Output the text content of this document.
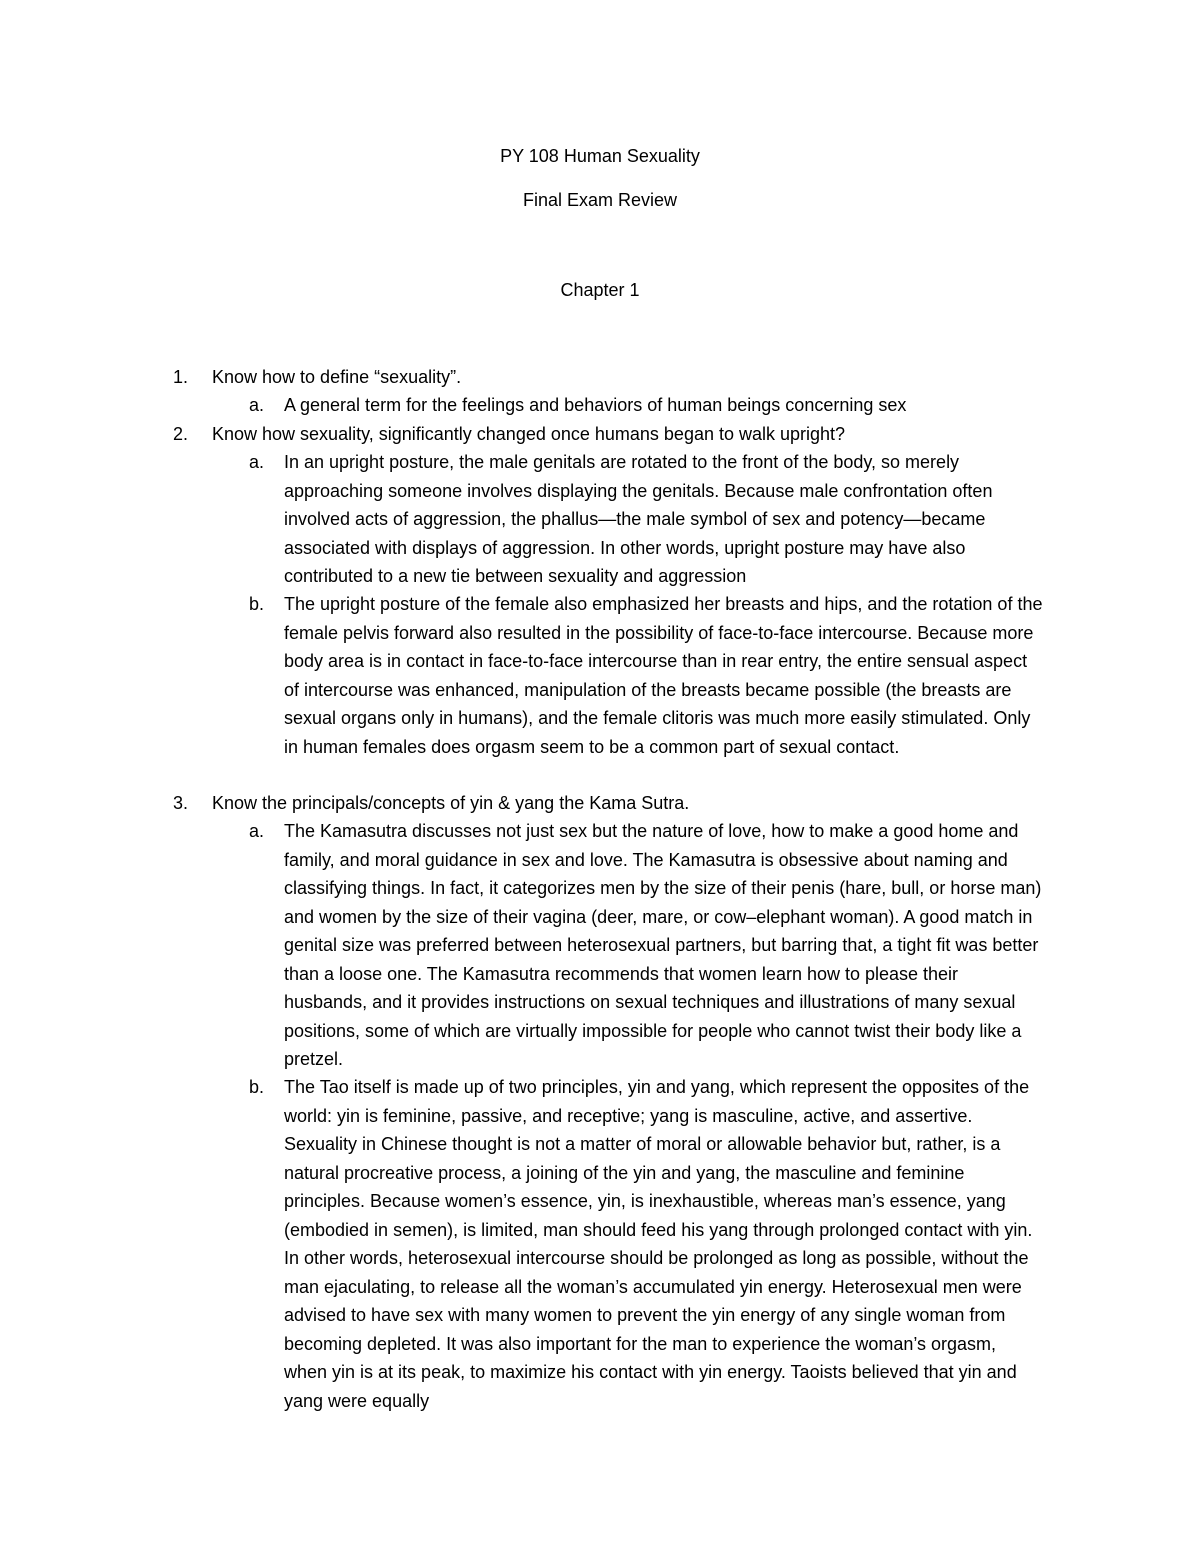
PY 108 Human Sexuality
Final Exam Review
Chapter 1
1. Know how to define “sexuality”.
a. A general term for the feelings and behaviors of human beings concerning sex
2. Know how sexuality, significantly changed once humans began to walk upright?
a. In an upright posture, the male genitals are rotated to the front of the body, so merely approaching someone involves displaying the genitals. Because male confrontation often involved acts of aggression, the phallus—the male symbol of sex and potency—became associated with displays of aggression. In other words, upright posture may have also contributed to a new tie between sexuality and aggression
b. The upright posture of the female also emphasized her breasts and hips, and the rotation of the female pelvis forward also resulted in the possibility of face-to-face intercourse. Because more body area is in contact in face-to-face intercourse than in rear entry, the entire sensual aspect of intercourse was enhanced, manipulation of the breasts became possible (the breasts are sexual organs only in humans), and the female clitoris was much more easily stimulated. Only in human females does orgasm seem to be a common part of sexual contact.
3. Know the principals/concepts of yin & yang the Kama Sutra.
a. The Kamasutra discusses not just sex but the nature of love, how to make a good home and family, and moral guidance in sex and love. The Kamasutra is obsessive about naming and classifying things. In fact, it categorizes men by the size of their penis (hare, bull, or horse man) and women by the size of their vagina (deer, mare, or cow–elephant woman). A good match in genital size was preferred between heterosexual partners, but barring that, a tight fit was better than a loose one. The Kamasutra recommends that women learn how to please their husbands, and it provides instructions on sexual techniques and illustrations of many sexual positions, some of which are virtually impossible for people who cannot twist their body like a pretzel.
b. The Tao itself is made up of two principles, yin and yang, which represent the opposites of the world: yin is feminine, passive, and receptive; yang is masculine, active, and assertive. Sexuality in Chinese thought is not a matter of moral or allowable behavior but, rather, is a natural procreative process, a joining of the yin and yang, the masculine and feminine principles. Because women’s essence, yin, is inexhaustible, whereas man’s essence, yang (embodied in semen), is limited, man should feed his yang through prolonged contact with yin. In other words, heterosexual intercourse should be prolonged as long as possible, without the man ejaculating, to release all the woman’s accumulated yin energy. Heterosexual men were advised to have sex with many women to prevent the yin energy of any single woman from becoming depleted. It was also important for the man to experience the woman’s orgasm, when yin is at its peak, to maximize his contact with yin energy. Taoists believed that yin and yang were equally
